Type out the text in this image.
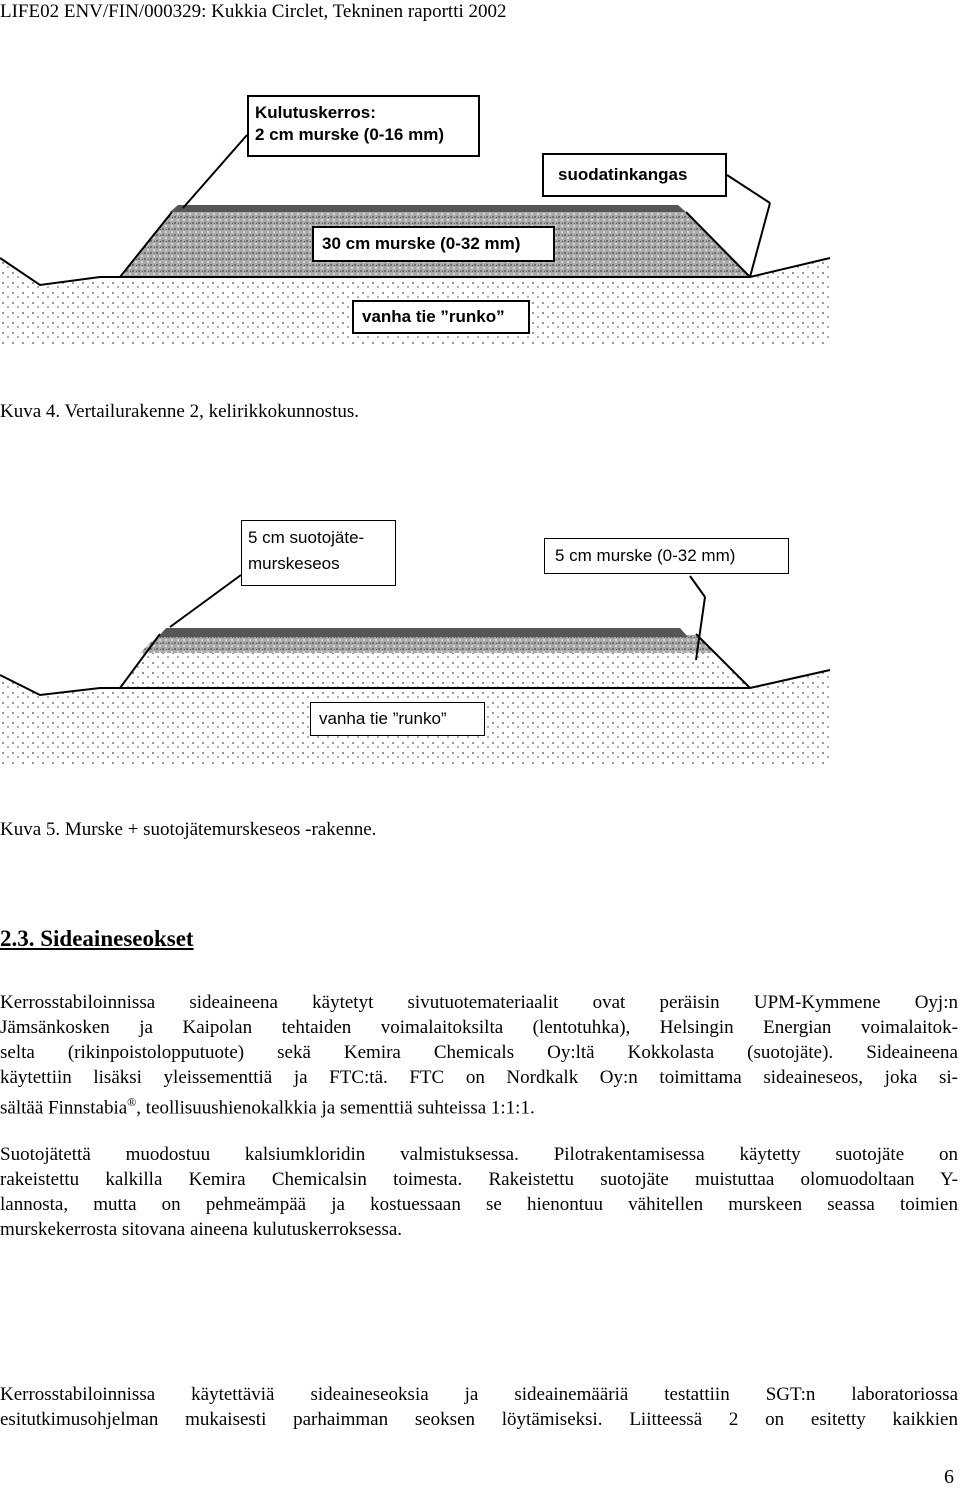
LIFE02 ENV/FIN/000329: Kukkia Circlet, Tekninen raportti 2002
Kulutuskerros:
2 cm murske (0-16 mm)
suodatinkangas
30 cm murske (0-32 mm)
vanha tie ”runko”
Kuva 4. Vertailurakenne 2, kelirikkokunnostus.
5 cm suotojäte-
murskeseos	5 cm murske (0-32 mm)
vanha tie ”runko”
Kuva 5. Murske + suotojätemurskeseos -rakenne.
2.3. Sideaineseokset
Kerrosstabiloinnissa sideaineena käytetyt sivutuotemateriaalit ovat peräisin UPM-Kymmene Oyj:n
Jämsänkosken ja Kaipolan tehtaiden voimalaitoksilta (lentotuhka), Helsingin Energian voimalaitok-
selta (rikinpoistolopputuote) sekä Kemira Chemicals Oy:ltä Kokkolasta (suotojäte). Sideaineena
käytettiin lisäksi yleissementtiä ja FTC:tä. FTC on Nordkalk Oy:n toimittama sideaineseos, joka si-
sältää Finnstabia®, teollisuushienokalkkia ja sementtiä suhteissa 1:1:1.
Suotojätettä muodostuu kalsiumkloridin valmistuksessa. Pilotrakentamisessa käytetty suotojäte on
rakeistettu kalkilla Kemira Chemicalsin toimesta. Rakeistettu suotojäte muistuttaa olomuodoltaan Y-
lannosta, mutta on pehmeämpää ja kostuessaan se hienontuu vähitellen murskeen seassa toimien
murskekerrosta sitovana aineena kulutuskerroksessa.
Kerrosstabiloinnissa käytettäviä sideaineseoksia ja sideainemääriä testattiin SGT:n laboratoriossa
esitutkimusohjelman mukaisesti parhaimman seoksen löytämiseksi. Liitteessä 2 on esitetty kaikkien
6
